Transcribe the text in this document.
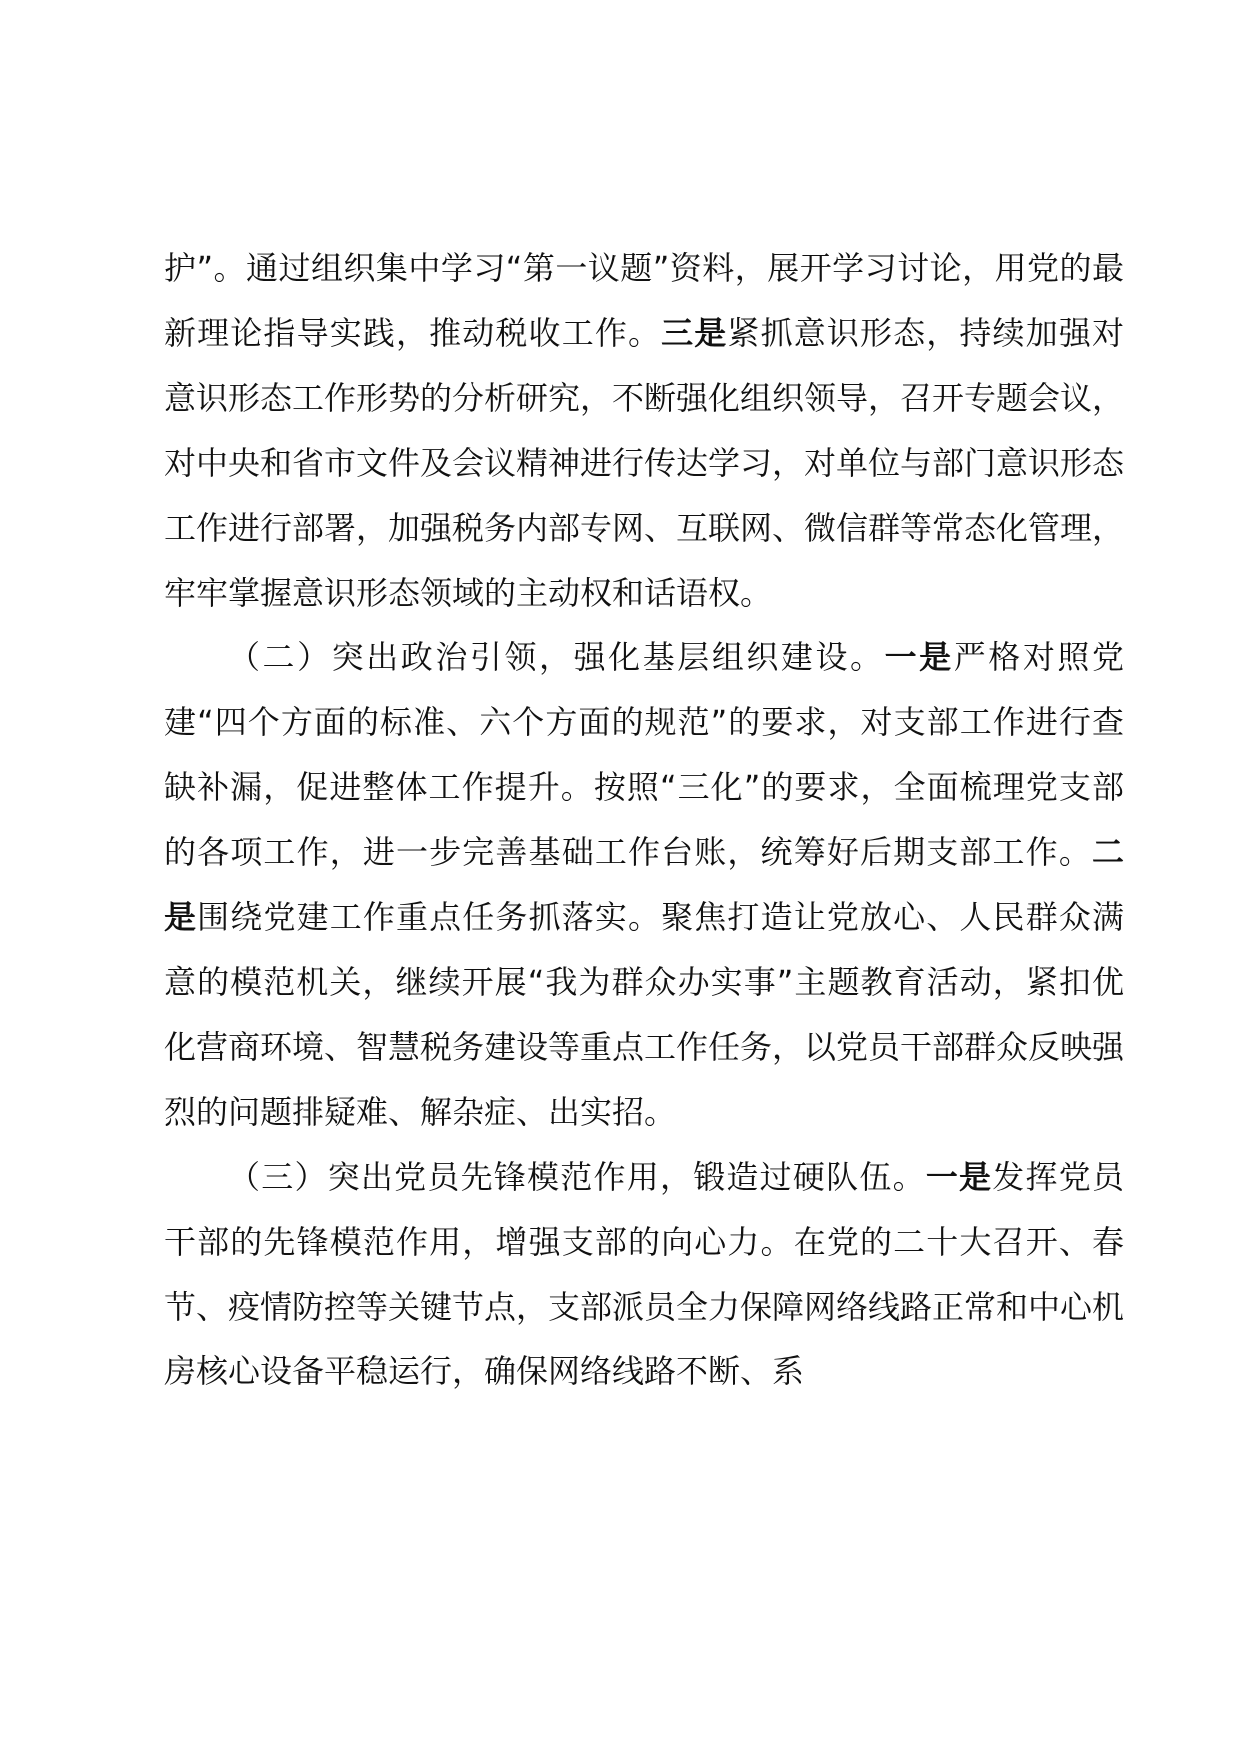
护”。通过组织集中学习“第一议题”资料，展开学习讨论，用党的最新理论指导实践，推动税收工作。三是紧抓意识形态，持续加强对意识形态工作形势的分析研究，不断强化组织领导，召开专题会议，对中央和省市文件及会议精神进行传达学习，对单位与部门意识形态工作进行部署，加强税务内部专网、互联网、微信群等常态化管理，牢牢掌握意识形态领域的主动权和话语权。

（二）突出政治引领，强化基层组织建设。一是严格对照党建“四个方面的标准、六个方面的规范”的要求，对支部工作进行查缺补漏，促进整体工作提升。按照“三化”的要求，全面梳理党支部的各项工作，进一步完善基础工作台账，统筹好后期支部工作。二是围绕党建工作重点任务抓落实。聚焦打造让党放心、人民群众满意的模范机关，继续开展“我为群众办实事”主题教育活动，紧扣优化营商环境、智慧税务建设等重点工作任务，以党员干部群众反映强烈的问题排疑难、解杂症、出实招。

（三）突出党员先锋模范作用，锻造过硬队伍。一是发挥党员干部的先锋模范作用，增强支部的向心力。在党的二十大召开、春节、疫情防控等关键节点，支部派员全力保障网络线路正常和中心机房核心设备平稳运行，确保网络线路不断、系
